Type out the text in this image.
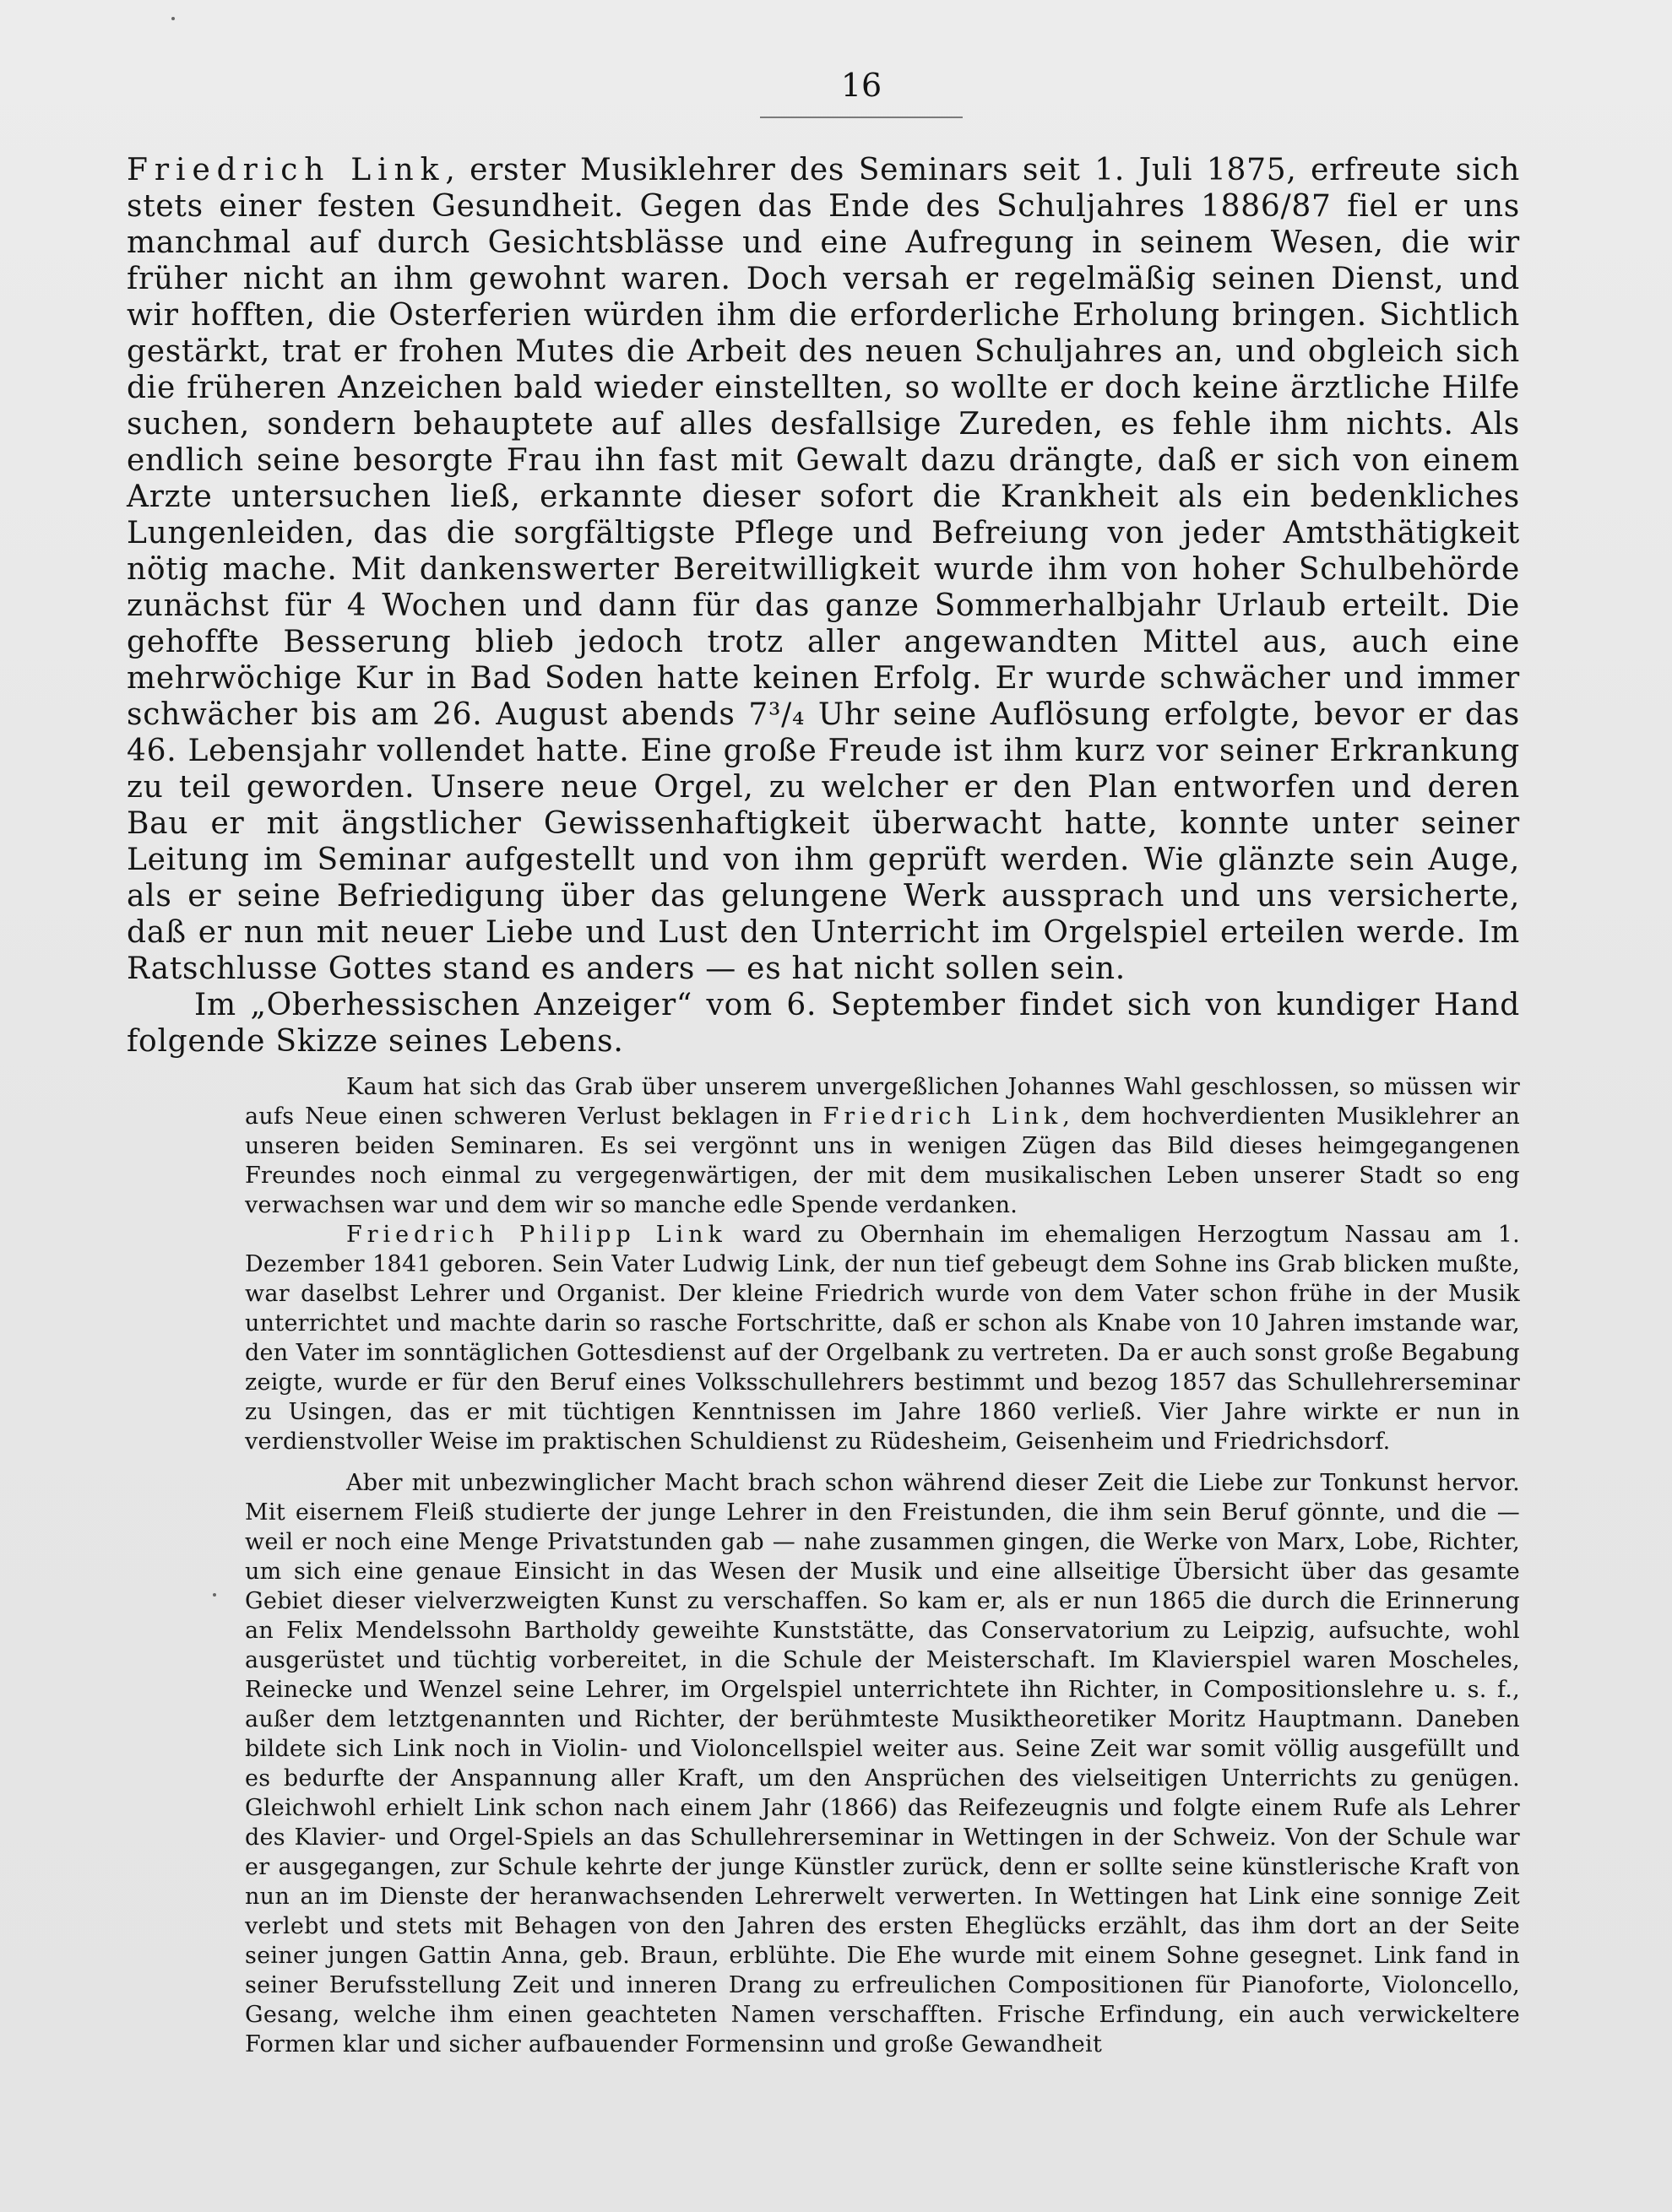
16

Friedrich Link, erster Musiklehrer des Seminars seit 1. Juli 1875, erfreute sich stets einer festen Gesundheit. Gegen das Ende des Schuljahres 1886/87 fiel er uns manchmal auf durch Gesichtsblässe und eine Aufregung in seinem Wesen, die wir früher nicht an ihm gewohnt waren. Doch versah er regelmäßig seinen Dienst, und wir hofften, die Osterferien würden ihm die erforderliche Erholung bringen. Sichtlich gestärkt, trat er frohen Mutes die Arbeit des neuen Schuljahres an, und obgleich sich die früheren Anzeichen bald wieder einstellten, so wollte er doch keine ärztliche Hilfe suchen, sondern behauptete auf alles desfallsige Zureden, es fehle ihm nichts. Als endlich seine besorgte Frau ihn fast mit Gewalt dazu drängte, daß er sich von einem Arzte untersuchen ließ, erkannte dieser sofort die Krankheit als ein bedenkliches Lungenleiden, das die sorgfältigste Pflege und Befreiung von jeder Amtsthätigkeit nötig mache. Mit dankenswerter Bereitwilligkeit wurde ihm von hoher Schulbehörde zunächst für 4 Wochen und dann für das ganze Sommerhalbjahr Urlaub erteilt. Die gehoffte Besserung blieb jedoch trotz aller angewandten Mittel aus, auch eine mehrwöchige Kur in Bad Soden hatte keinen Erfolg. Er wurde schwächer und immer schwächer bis am 26. August abends 7³/₄ Uhr seine Auflösung erfolgte, bevor er das 46. Lebensjahr vollendet hatte. Eine große Freude ist ihm kurz vor seiner Erkrankung zu teil geworden. Unsere neue Orgel, zu welcher er den Plan entworfen und deren Bau er mit ängstlicher Gewissenhaftigkeit überwacht hatte, konnte unter seiner Leitung im Seminar aufgestellt und von ihm geprüft werden. Wie glänzte sein Auge, als er seine Befriedigung über das gelungene Werk aussprach und uns versicherte, daß er nun mit neuer Liebe und Lust den Unterricht im Orgelspiel erteilen werde. Im Ratschlusse Gottes stand es anders — es hat nicht sollen sein.

Im „Oberhessischen Anzeiger“ vom 6. September findet sich von kundiger Hand folgende Skizze seines Lebens.

Kaum hat sich das Grab über unserem unvergeßlichen Johannes Wahl geschlossen, so müssen wir aufs Neue einen schweren Verlust beklagen in Friedrich Link, dem hochverdienten Musiklehrer an unseren beiden Seminaren. Es sei vergönnt uns in wenigen Zügen das Bild dieses heimgegangenen Freundes noch einmal zu vergegenwärtigen, der mit dem musikalischen Leben unserer Stadt so eng verwachsen war und dem wir so manche edle Spende verdanken.

Friedrich Philipp Link ward zu Obernhain im ehemaligen Herzogtum Nassau am 1. Dezember 1841 geboren. Sein Vater Ludwig Link, der nun tief gebeugt dem Sohne ins Grab blicken mußte, war daselbst Lehrer und Organist. Der kleine Friedrich wurde von dem Vater schon frühe in der Musik unterrichtet und machte darin so rasche Fortschritte, daß er schon als Knabe von 10 Jahren imstande war, den Vater im sonntäglichen Gottesdienst auf der Orgelbank zu vertreten. Da er auch sonst große Begabung zeigte, wurde er für den Beruf eines Volksschullehrers bestimmt und bezog 1857 das Schullehrerseminar zu Usingen, das er mit tüchtigen Kenntnissen im Jahre 1860 verließ. Vier Jahre wirkte er nun in verdienstvoller Weise im praktischen Schuldienst zu Rüdesheim, Geisenheim und Friedrichsdorf.

Aber mit unbezwinglicher Macht brach schon während dieser Zeit die Liebe zur Tonkunst hervor. Mit eisernem Fleiß studierte der junge Lehrer in den Freistunden, die ihm sein Beruf gönnte, und die — weil er noch eine Menge Privatstunden gab — nahe zusammen gingen, die Werke von Marx, Lobe, Richter, um sich eine genaue Einsicht in das Wesen der Musik und eine allseitige Übersicht über das gesamte Gebiet dieser vielverzweigten Kunst zu verschaffen. So kam er, als er nun 1865 die durch die Erinnerung an Felix Mendelssohn Bartholdy geweihte Kunststätte, das Conservatorium zu Leipzig, aufsuchte, wohl ausgerüstet und tüchtig vorbereitet, in die Schule der Meisterschaft. Im Klavierspiel waren Moscheles, Reinecke und Wenzel seine Lehrer, im Orgelspiel unterrichtete ihn Richter, in Compositionslehre u. s. f., außer dem letztgenannten und Richter, der berühmteste Musiktheoretiker Moritz Hauptmann. Daneben bildete sich Link noch in Violin- und Violoncellspiel weiter aus. Seine Zeit war somit völlig ausgefüllt und es bedurfte der Anspannung aller Kraft, um den Ansprüchen des vielseitigen Unterrichts zu genügen. Gleichwohl erhielt Link schon nach einem Jahr (1866) das Reifezeugnis und folgte einem Rufe als Lehrer des Klavier- und Orgel-Spiels an das Schullehrerseminar in Wettingen in der Schweiz. Von der Schule war er ausgegangen, zur Schule kehrte der junge Künstler zurück, denn er sollte seine künstlerische Kraft von nun an im Dienste der heranwachsenden Lehrerwelt verwerten. In Wettingen hat Link eine sonnige Zeit verlebt und stets mit Behagen von den Jahren des ersten Eheglücks erzählt, das ihm dort an der Seite seiner jungen Gattin Anna, geb. Braun, erblühte. Die Ehe wurde mit einem Sohne gesegnet. Link fand in seiner Berufsstellung Zeit und inneren Drang zu erfreulichen Compositionen für Pianoforte, Violoncello, Gesang, welche ihm einen geachteten Namen verschafften. Frische Erfindung, ein auch verwickeltere Formen klar und sicher aufbauender Formensinn und große Gewandheit
